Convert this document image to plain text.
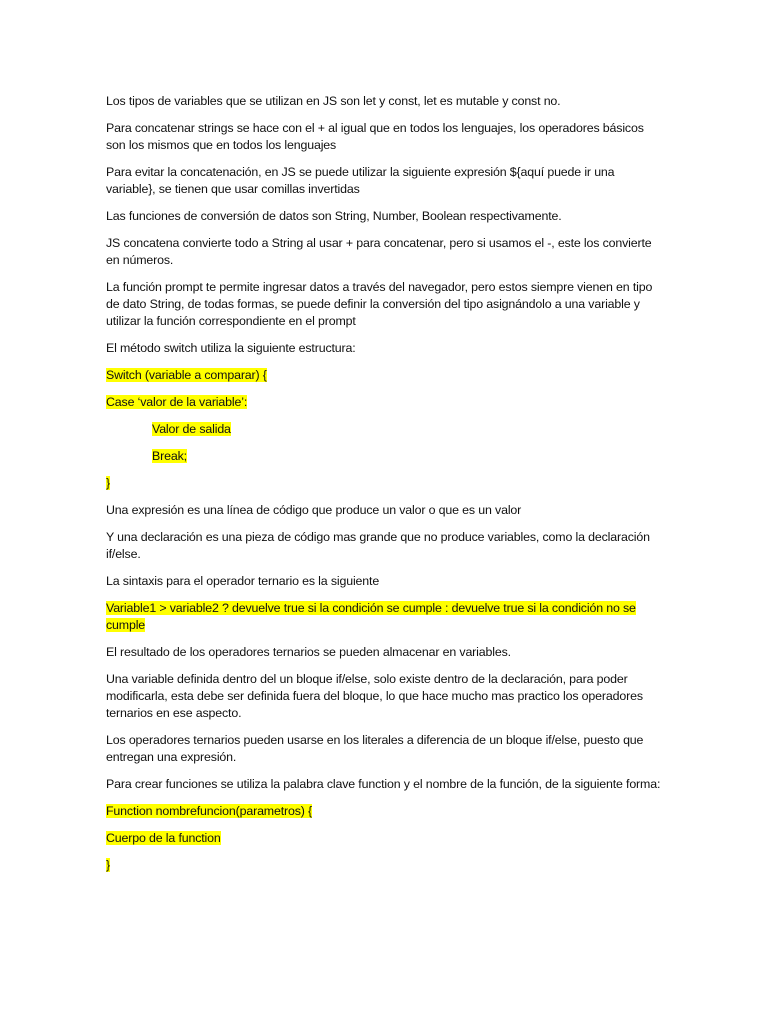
Los tipos de variables que se utilizan en JS son let y const, let es mutable y const no.

Para concatenar strings se hace con el + al igual que en todos los lenguajes, los operadores básicos son los mismos que en todos los lenguajes

Para evitar la concatenación, en JS se puede utilizar la siguiente expresión ${aquí puede ir una variable}, se tienen que usar comillas invertidas

Las funciones de conversión de datos son String, Number, Boolean respectivamente.

JS concatena convierte todo a String al usar + para concatenar, pero si usamos el -, este los convierte en números.

La función prompt te permite ingresar datos a través del navegador, pero estos siempre vienen en tipo de dato String, de todas formas, se puede definir la conversión del tipo asignándolo a una variable y utilizar la función correspondiente en el prompt

El método switch utiliza la siguiente estructura:

Switch (variable a comparar) {
Case ‘valor de la variable’:
Valor de salida
Break;
}

Una expresión es una línea de código que produce un valor o que es un valor

Y una declaración es una pieza de código mas grande que no produce variables, como la declaración if/else.

La sintaxis para el operador ternario es la siguiente

Variable1 > variable2 ? devuelve true si la condición se cumple : devuelve true si la condición no se cumple

El resultado de los operadores ternarios se pueden almacenar en variables.

Una variable definida dentro del un bloque if/else, solo existe dentro de la declaración, para poder modificarla, esta debe ser definida fuera del bloque, lo que hace mucho mas practico los operadores ternarios en ese aspecto.

Los operadores ternarios pueden usarse en los literales a diferencia de un bloque if/else, puesto que entregan una expresión.

Para crear funciones se utiliza la palabra clave function y el nombre de la función, de la siguiente forma:

Function nombrefuncion(parametros) {
Cuerpo de la function
}
